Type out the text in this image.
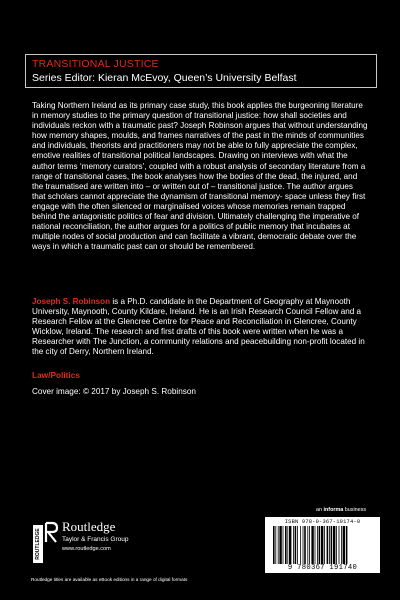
TRANSITIONAL JUSTICE
Series Editor: Kieran McEvoy, Queen’s University Belfast

Taking Northern Ireland as its primary case study, this book applies the burgeoning literature in memory studies to the primary question of transitional justice: how shall societies and individuals reckon with a traumatic past? Joseph Robinson argues that without understanding how memory shapes, moulds, and frames narratives of the past in the minds of communities and individuals, theorists and practitioners may not be able to fully appreciate the complex, emotive realities of transitional political landscapes. Drawing on interviews with what the author terms ‘memory curators’, coupled with a robust analysis of secondary literature from a range of transitional cases, the book analyses how the bodies of the dead, the injured, and the traumatised are written into – or written out of – transitional justice. The author argues that scholars cannot appreciate the dynamism of transitional memory- space unless they first engage with the often silenced or marginalised voices whose memories remain trapped behind the antagonistic politics of fear and division. Ultimately challenging the imperative of national reconciliation, the author argues for a politics of public memory that incubates at multiple nodes of social production and can facilitate a vibrant, democratic debate over the ways in which a traumatic past can or should be remembered.

Joseph S. Robinson is a Ph.D. candidate in the Department of Geography at Maynooth University, Maynooth, County Kildare, Ireland. He is an Irish Research Council Fellow and a Research Fellow at the Glencree Centre for Peace and Reconciliation in Glencree, County Wicklow, Ireland. The research and first drafts of this book were written when he was a Researcher with The Junction, a community relations and peacebuilding non-profit located in the city of Derry, Northern Ireland.

Law/Politics
Cover image: © 2017 by Joseph S. Robinson
an informa business
ISBN 978-0-367-19174-0
9 780367 191740
ROUTLEDGE
Routledge
Taylor & Francis Group
www.routledge.com
Routledge titles are available as eBook editions in a range of digital formats
